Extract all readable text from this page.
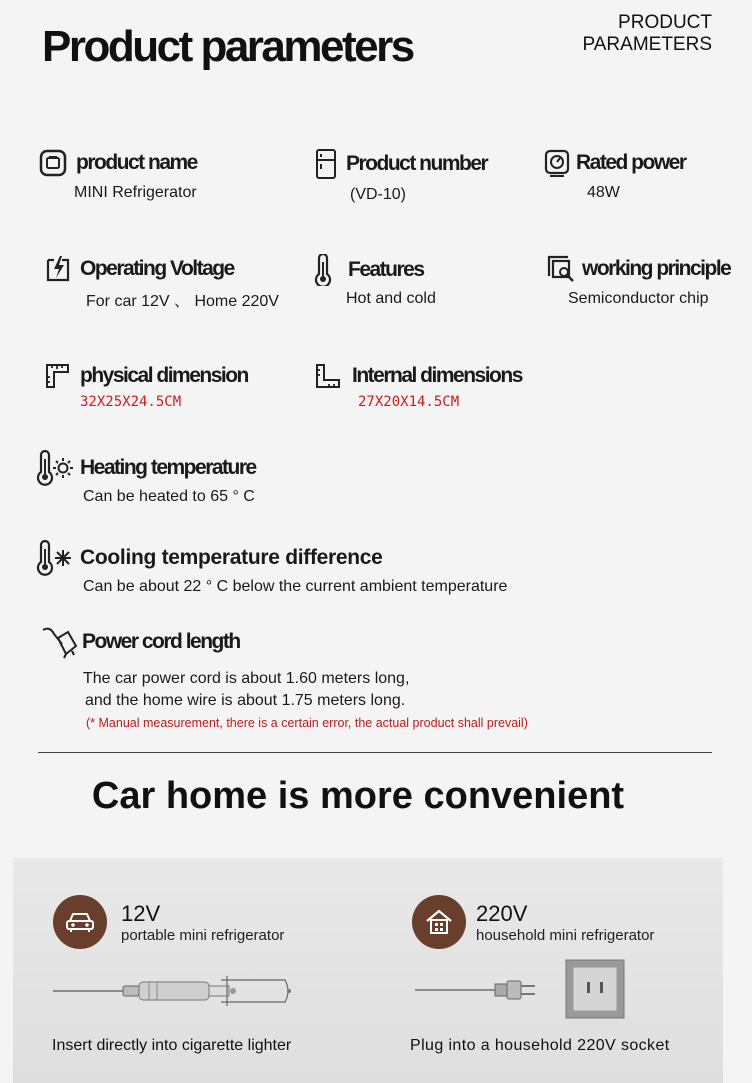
Product parameters	PRODUCT
PARAMETERS
product name
MINI Refrigerator
Product number
(VD-10)
Rated power
48W
Operating Voltage
For car 12V 、 Home 220V
Features
Hot and cold
working principle
Semiconductor chip
physical dimension
32X25X24.5CM
Internal dimensions
27X20X14.5CM
Heating temperature
Can be heated to 65 ° C
Cooling temperature difference
Can be about 22 ° C below the current ambient temperature
Power cord length
The car power cord is about 1.60 meters long,
and the home wire is about 1.75 meters long.
(* Manual measurement, there is a certain error, the actual product shall prevail)
Car home is more convenient
12V
portable mini refrigerator
Insert directly into cigarette lighter
220V
household mini refrigerator
Plug into a household 220V socket
